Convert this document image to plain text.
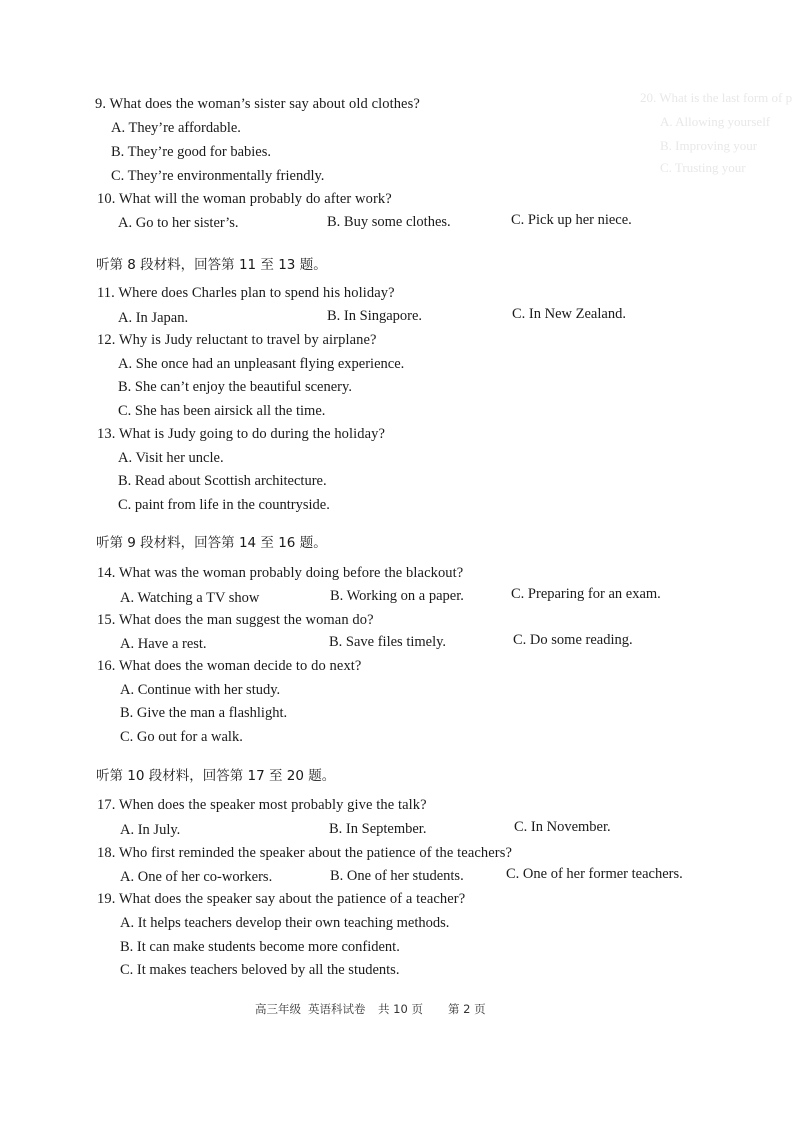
20. What is the last form of p
A. Allowing yourself
B. Improving your
C. Trusting your
9. What does the woman’s sister say about old clothes?
A. They’re affordable.
B. They’re good for babies.
C. They’re environmentally friendly.
10. What will the woman probably do after work?
A. Go to her sister’s.	B. Buy some clothes.	C. Pick up her niece.
听第 8 段材料，回答第 11 至 13 题。
11. Where does Charles plan to spend his holiday?
A. In Japan.	B. In Singapore.	C. In New Zealand.
12. Why is Judy reluctant to travel by airplane?
A. She once had an unpleasant flying experience.
B. She can’t enjoy the beautiful scenery.
C. She has been airsick all the time.
13. What is Judy going to do during the holiday?
A. Visit her uncle.
B. Read about Scottish architecture.
C. paint from life in the countryside.
听第 9 段材料，回答第 14 至 16 题。
14. What was the woman probably doing before the blackout?
A. Watching a TV show	B. Working on a paper.	C. Preparing for an exam.
15. What does the man suggest the woman do?
A. Have a rest.	B. Save files timely.	C. Do some reading.
16. What does the woman decide to do next?
A. Continue with her study.
B. Give the man a flashlight.
C. Go out for a walk.
听第 10 段材料，回答第 17 至 20 题。
17. When does the speaker most probably give the talk?
A. In July.	B. In September.	C. In November.
18. Who first reminded the speaker about the patience of the teachers?
A. One of her co-workers.	B. One of her students.	C. One of her former teachers.
19. What does the speaker say about the patience of a teacher?
A. It helps teachers develop their own teaching methods.
B. It can make students become more confident.
C. It makes teachers beloved by all the students.
高三年级 英语科试卷 共 10 页 第 2 页
